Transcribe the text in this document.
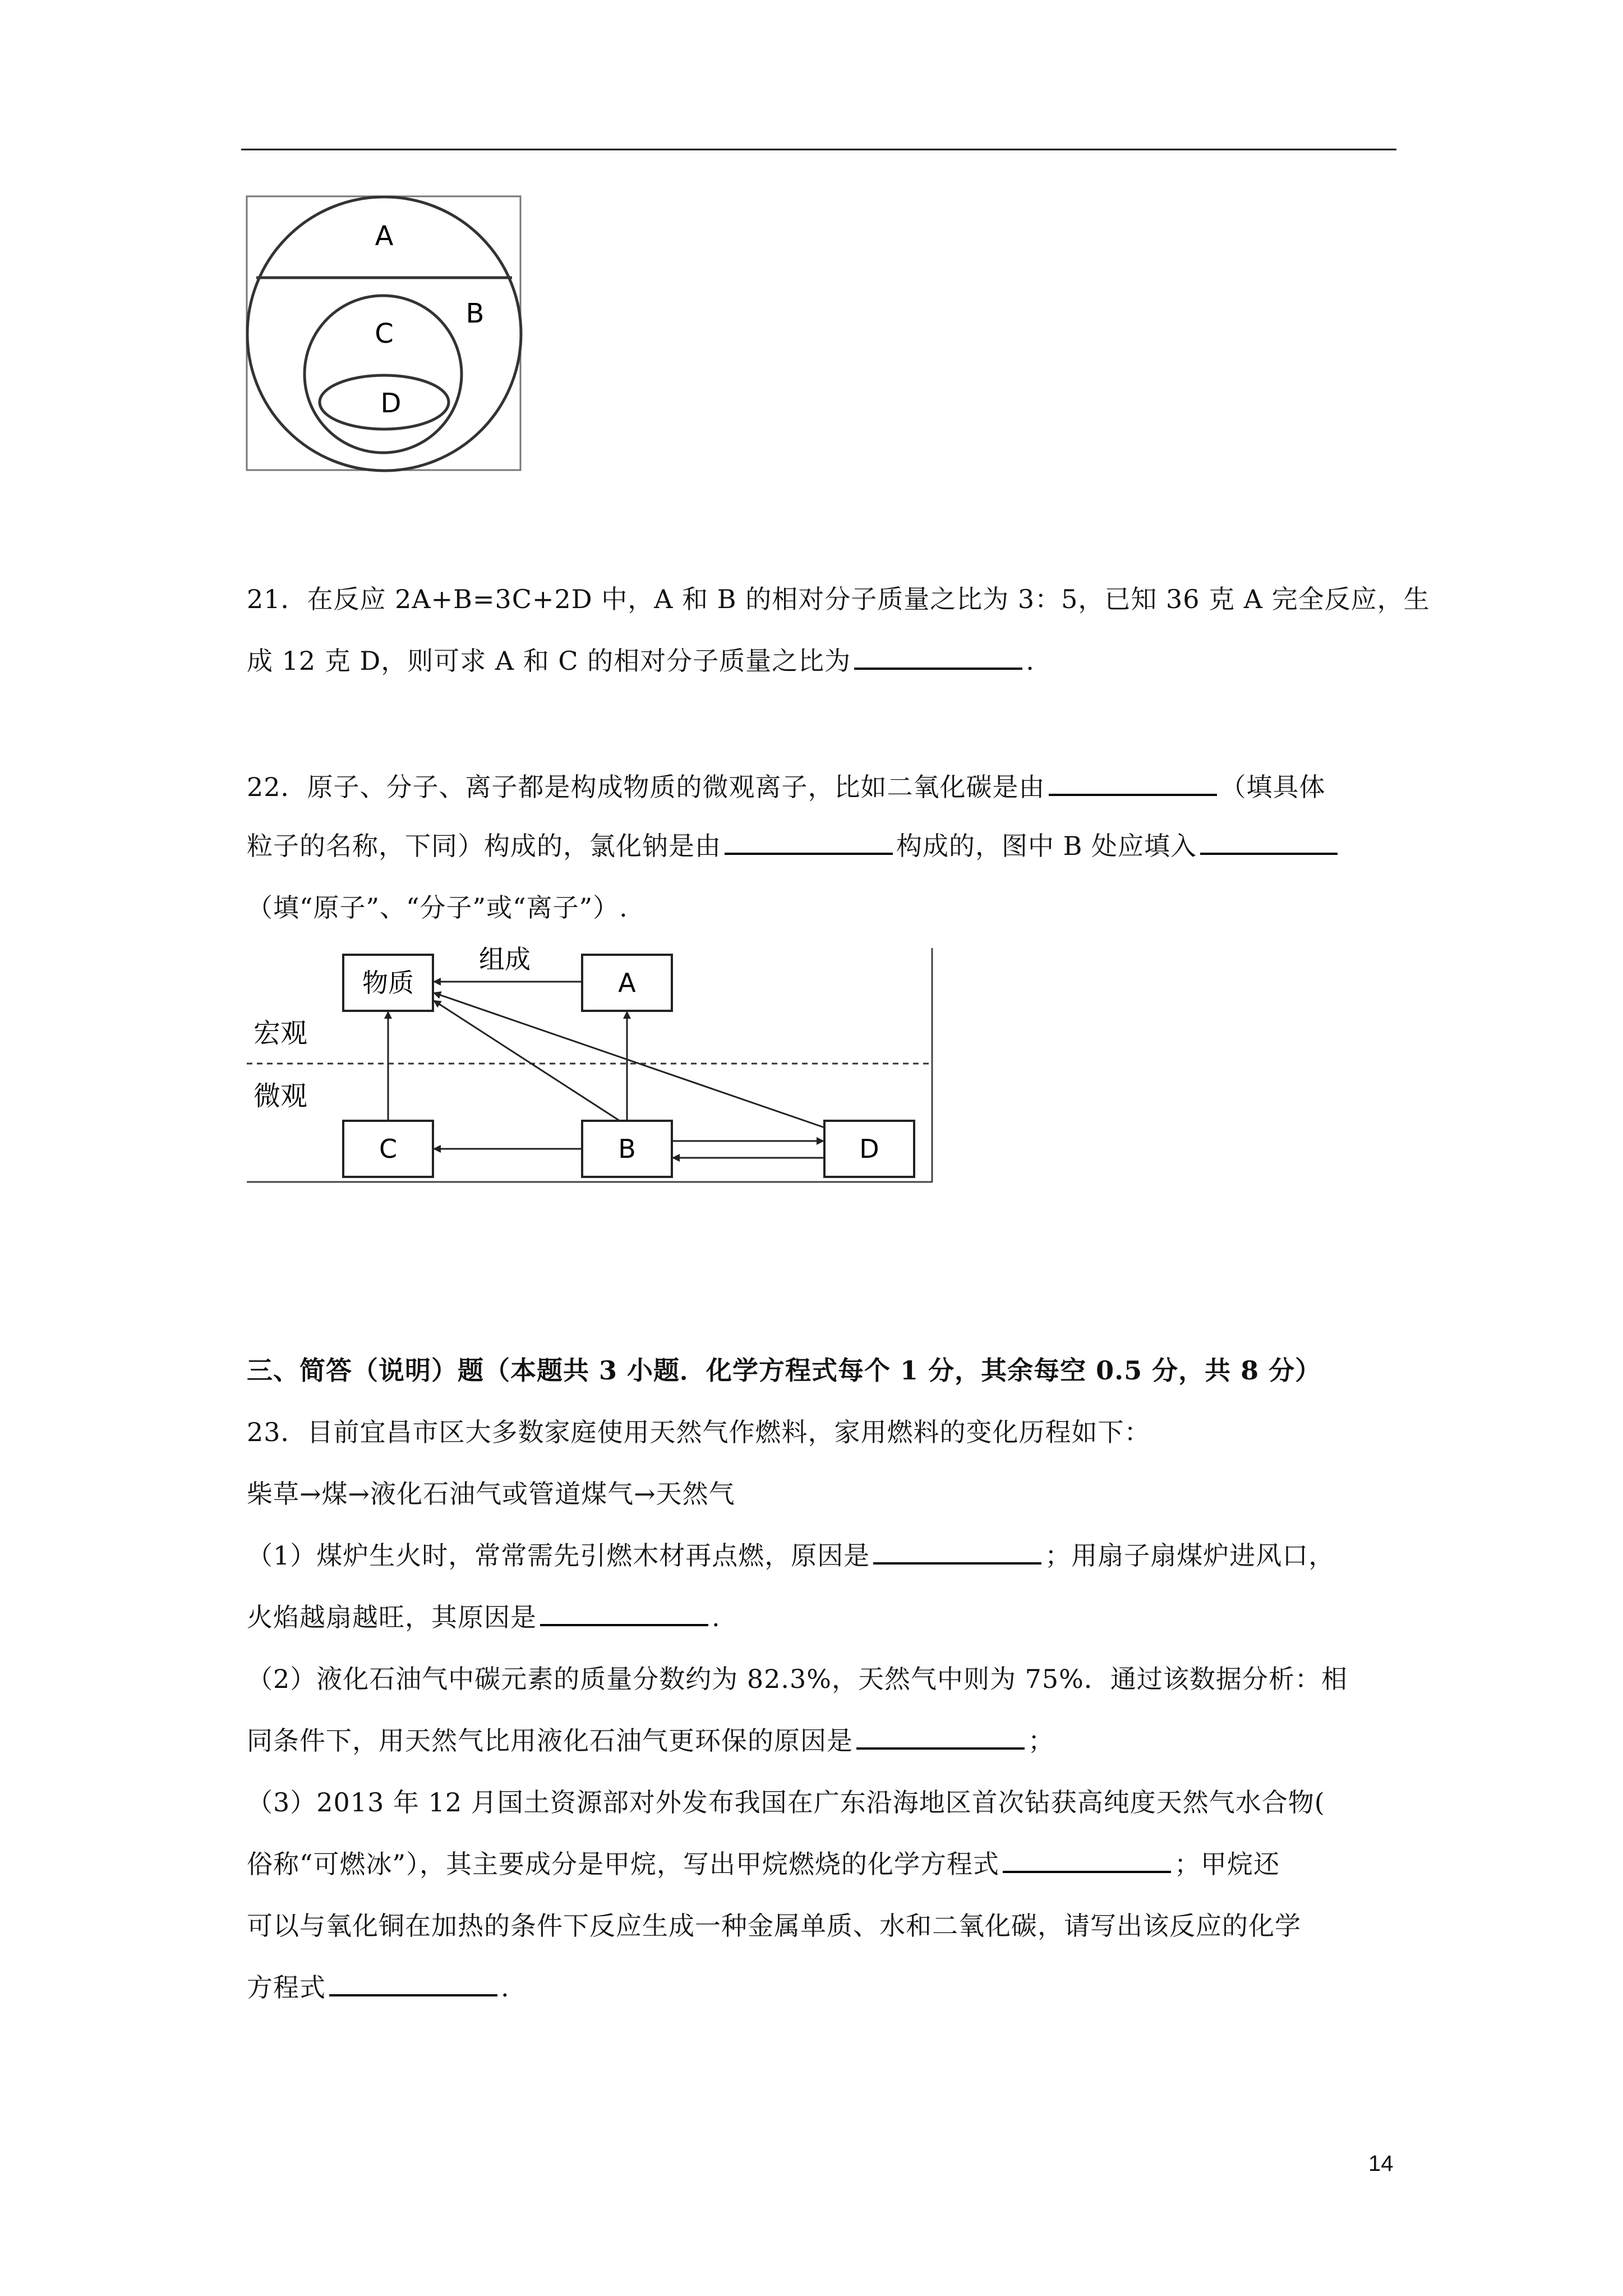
A
B
C
D
21．在反应 2A+B=3C+2D 中，A 和 B 的相对分子质量之比为 3：5，已知 36 克 A 完全反应，生
成 12 克 D，则可求 A 和 C 的相对分子质量之比为	.
22．原子、分子、离子都是构成物质的微观离子，比如二氧化碳是由	（填具体
粒子的名称，下同）构成的，氯化钠是由	构成的，图中 B 处应填入
（填“原子”、“分子”或“离子”）.
宏观
微观
物质	A
C	B	D
组成
三、简答（说明）题（本题共 3 小题．化学方程式每个 1 分，其余每空 0.5 分，共 8 分）
23．目前宜昌市区大多数家庭使用天然气作燃料，家用燃料的变化历程如下：
柴草→煤→液化石油气或管道煤气→天然气
（1）煤炉生火时，常常需先引燃木材再点燃，原因是	；用扇子扇煤炉进风口，
火焰越扇越旺，其原因是	.
（2）液化石油气中碳元素的质量分数约为 82.3%，天然气中则为 75%．通过该数据分析：相
同条件下，用天然气比用液化石油气更环保的原因是	；
（3）2013 年 12 月国土资源部对外发布我国在广东沿海地区首次钻获高纯度天然气水合物(
俗称“可燃冰”），其主要成分是甲烷，写出甲烷燃烧的化学方程式	；甲烷还
可以与氧化铜在加热的条件下反应生成一种金属单质、水和二氧化碳，请写出该反应的化学
方程式	.
14
